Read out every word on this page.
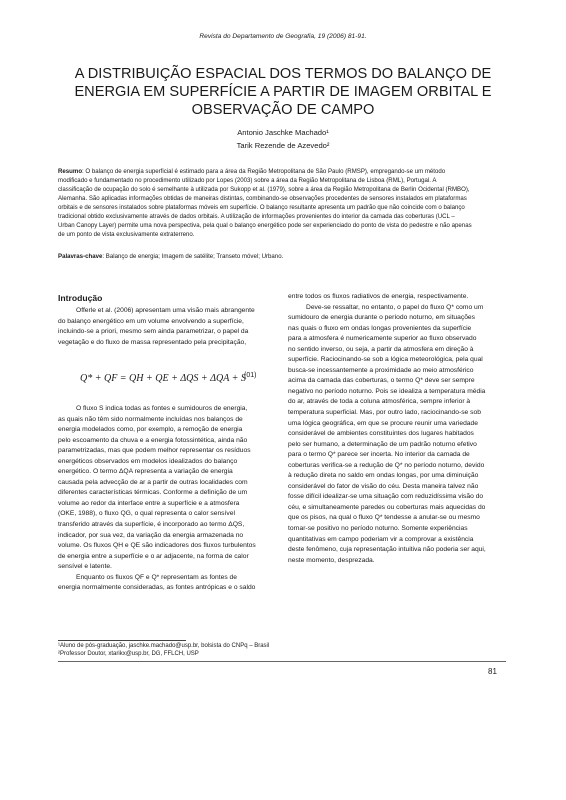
Revista do Departamento de Geografia, 19 (2006) 81-91.
A DISTRIBUIÇÃO ESPACIAL DOS TERMOS DO BALANÇO DE
ENERGIA EM SUPERFÍCIE A PARTIR DE IMAGEM ORBITAL E
OBSERVAÇÃO DE CAMPO
Antonio Jaschke Machado¹
Tarik Rezende de Azevedo²

Resumo: O balanço de energia superficial é estimado para a área da Região Metropolitana de São Paulo (RMSP), empregando-se um método

modificado e fundamentado no procedimento utilizado por Lopes (2003) sobre a área da Região Metropolitana de Lisboa (RML), Portugal. A

classificação de ocupação do solo é semelhante à utilizada por Sukopp et al. (1979), sobre a área da Região Metropolitana de Berlin Ocidental (RMBO),

Alemanha. São aplicadas informações obtidas de maneiras distintas, combinando-se observações procedentes de sensores instalados em plataformas

orbitais e de sensores instalados sobre plataformas móveis em superfície. O balanço resultante apresenta um padrão que não coincide com o balanço

tradicional obtido exclusivamente através de dados orbitais. A utilização de informações provenientes do interior da camada das coberturas (UCL –

Urban Canopy Layer) permite uma nova perspectiva, pela qual o balanço energético pode ser experienciado do ponto de vista do pedestre e não apenas

de um ponto de vista exclusivamente extraterreno.

Palavras-chave: Balanço de energia; Imagem de satélite; Transeto móvel; Urbano.
Introdução

Offerle et al. (2006) apresentam uma visão mais abrangente

do balanço energético em um volume envolvendo a superfície,

incluindo-se a priori, mesmo sem ainda parametrizar, o papel da

vegetação e do fluxo de massa representado pela precipitação,

Q* + QF = QH + QE + ΔQS + ΔQA + S
(01)

O fluxo S indica todas as fontes e sumidouros de energia,

as quais não têm sido normalmente incluídas nos balanços de

energia modelados como, por exemplo, a remoção de energia

pelo escoamento da chuva e a energia fotossintética, ainda não

parametrizadas, mas que podem melhor representar os resíduos

energéticos observados em modelos idealizados do balanço

energético. O termo ΔQA representa a variação de energia

causada pela advecção de ar a partir de outras localidades com

diferentes características térmicas. Conforme a definição de um

volume ao redor da interface entre a superfície e a atmosfera

(OKE, 1988), o fluxo QG, o qual representa o calor sensível

transferido através da superfície, é incorporado ao termo ΔQS,

indicador, por sua vez, da variação da energia armazenada no

volume. Os fluxos QH e QE são indicadores dos fluxos turbulentos

de energia entre a superfície e o ar adjacente, na forma de calor

sensível e latente.

Enquanto os fluxos QF e Q* representam as fontes de

energia normalmente consideradas, as fontes antrópicas e o saldo

entre todos os fluxos radiativos de energia, respectivamente.

Deve-se ressaltar, no entanto, o papel do fluxo Q* como um

sumidouro de energia durante o período noturno, em situações

nas quais o fluxo em ondas longas provenientes da superfície

para a atmosfera é numericamente superior ao fluxo observado

no sentido inverso, ou seja, a partir da atmosfera em direção à

superfície. Raciocinando-se sob a lógica meteorológica, pela qual

busca-se incessantemente a proximidade ao meio atmosférico

acima da camada das coberturas, o termo Q* deve ser sempre

negativo no período noturno. Pois se idealiza a temperatura média

do ar, através de toda a coluna atmosférica, sempre inferior à

temperatura superficial. Mas, por outro lado, raciocinando-se sob

uma lógica geográfica, em que se procure reunir uma variedade

considerável de ambientes constituintes dos lugares habitados

pelo ser humano, a determinação de um padrão noturno efetivo

para o termo Q* parece ser incerta. No interior da camada de

coberturas verifica-se a redução de Q* no período noturno, devido

à redução direta no saldo em ondas longas, por uma diminuição

considerável do fator de visão do céu. Desta maneira talvez não

fosse difícil idealizar-se uma situação com reduzidíssima visão do

céu, e simultaneamente paredes ou coberturas mais aquecidas do

que os pisos, na qual o fluxo Q* tendesse a anular-se ou mesmo

tornar-se positivo no período noturno. Somente experiências

quantitativas em campo poderiam vir a comprovar a existência

deste fenômeno, cuja representação intuitiva não poderia ser aqui,

neste momento, desprezada.

¹Aluno de pós-graduação, jaschke.machado@usp.br, bolsista do CNPq – Brasil
²Professor Doutor, xtarikx@usp.br, DG, FFLCH, USP
81
